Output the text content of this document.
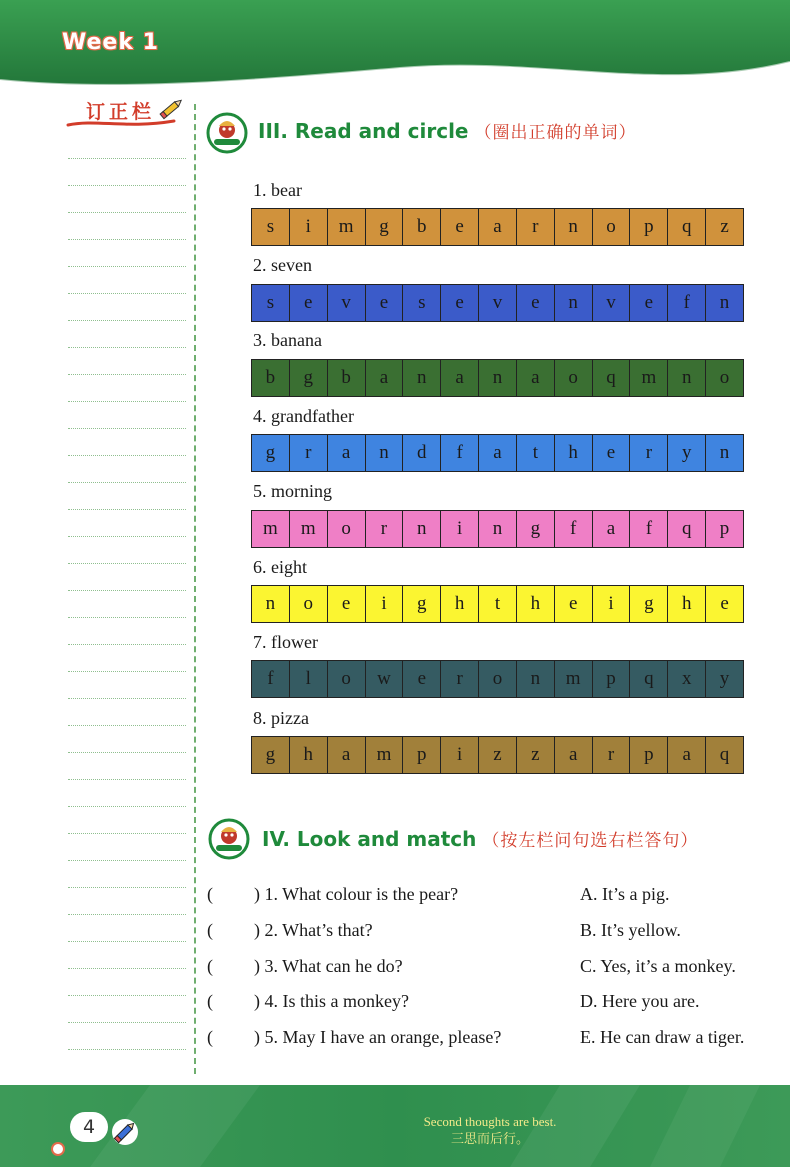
Week 1
订正栏
III. Read and circle （圈出正确的单词）
1. bear
s	i	m	g	b	e	a	r	n	o	p	q	z
2. seven
s	e	v	e	s	e	v	e	n	v	e	f	n
3. banana
b	g	b	a	n	a	n	a	o	q	m	n	o
4. grandfather
g	r	a	n	d	f	a	t	h	e	r	y	n
5. morning
m	m	o	r	n	i	n	g	f	a	f	q	p
6. eight
n	o	e	i	g	h	t	h	e	i	g	h	e
7. flower
f	l	o	w	e	r	o	n	m	p	q	x	y
8. pizza
g	h	a	m	p	i	z	z	a	r	p	a	q
IV. Look and match （按左栏问句选右栏答句）
( ) 1. What colour is the pear?	A. It’s a pig.
( ) 2. What’s that?	B. It’s yellow.
( ) 3. What can he do?	C. Yes, it’s a monkey.
( ) 4. Is this a monkey?	D. Here you are.
( ) 5. May I have an orange, please?	E. He can draw a tiger.
4	Second thoughts are best.
三思而后行。
